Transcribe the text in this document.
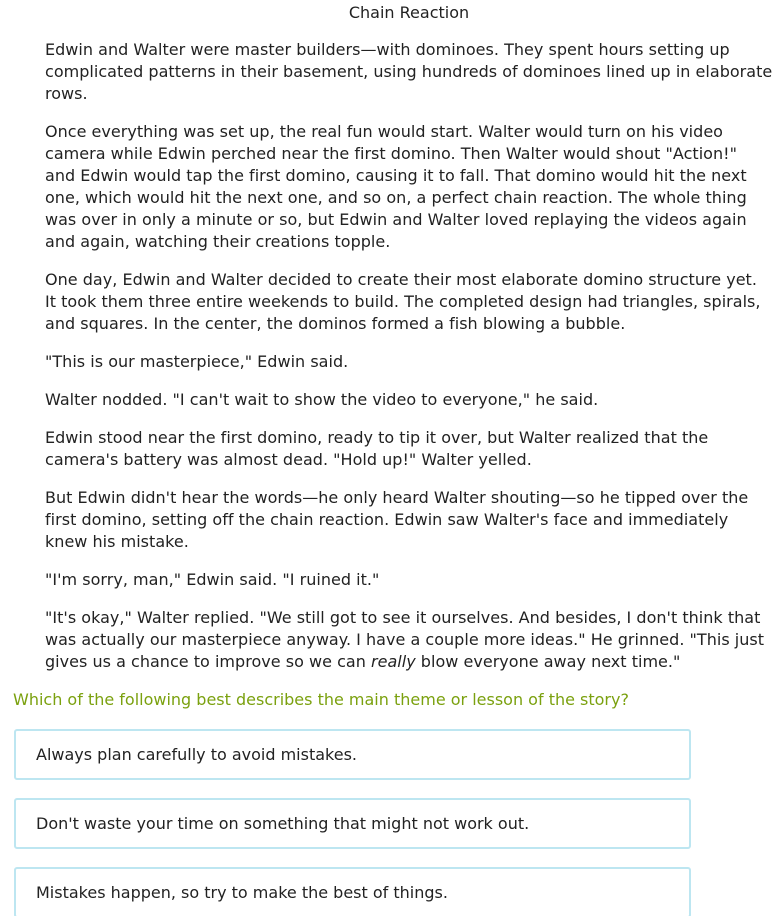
Chain Reaction

Edwin and Walter were master builders—with dominoes. They spent hours setting up
complicated patterns in their basement, using hundreds of dominoes lined up in elaborate
rows.

Once everything was set up, the real fun would start. Walter would turn on his video
camera while Edwin perched near the first domino. Then Walter would shout "Action!"
and Edwin would tap the first domino, causing it to fall. That domino would hit the next
one, which would hit the next one, and so on, a perfect chain reaction. The whole thing
was over in only a minute or so, but Edwin and Walter loved replaying the videos again
and again, watching their creations topple.

One day, Edwin and Walter decided to create their most elaborate domino structure yet.
It took them three entire weekends to build. The completed design had triangles, spirals,
and squares. In the center, the dominos formed a fish blowing a bubble.

"This is our masterpiece," Edwin said.

Walter nodded. "I can't wait to show the video to everyone," he said.

Edwin stood near the first domino, ready to tip it over, but Walter realized that the
camera's battery was almost dead. "Hold up!" Walter yelled.

But Edwin didn't hear the words—he only heard Walter shouting—so he tipped over the
first domino, setting off the chain reaction. Edwin saw Walter's face and immediately
knew his mistake.

"I'm sorry, man," Edwin said. "I ruined it."

"It's okay," Walter replied. "We still got to see it ourselves. And besides, I don't think that
was actually our masterpiece anyway. I have a couple more ideas." He grinned. "This just
gives us a chance to improve so we can really blow everyone away next time."

Which of the following best describes the main theme or lesson of the story?
Always plan carefully to avoid mistakes.
Don't waste your time on something that might not work out.
Mistakes happen, so try to make the best of things.
